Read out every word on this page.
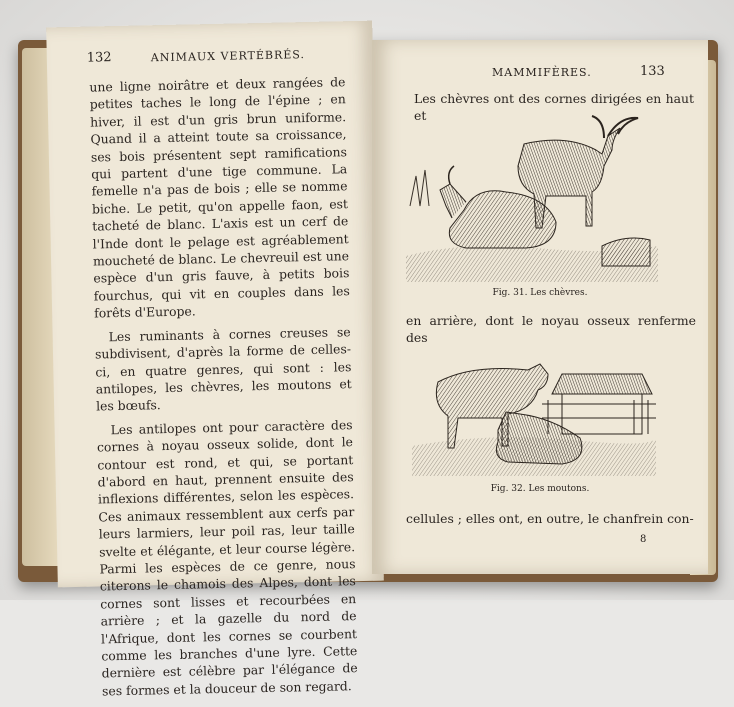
132	ANIMAUX VERTÉBRÉS.

une ligne noirâtre et deux rangées de petites taches le long de l'épine ; en hiver, il est d'un gris brun uniforme. Quand il a atteint toute sa croissance, ses bois présentent sept ramifications qui partent d'une tige commune. La femelle n'a pas de bois ; elle se nomme biche. Le petit, qu'on appelle faon, est tacheté de blanc. L'axis est un cerf de l'Inde dont le pelage est agréablement moucheté de blanc. Le chevreuil est une espèce d'un gris fauve, à petits bois fourchus, qui vit en couples dans les forêts d'Europe.

Les ruminants à cornes creuses se subdivisent, d'après la forme de celles-ci, en quatre genres, qui sont : les antilopes, les chèvres, les moutons et les bœufs.

Les antilopes ont pour caractère des cornes à noyau osseux solide, dont le contour est rond, et qui, se portant d'abord en haut, prennent ensuite des inflexions différentes, selon les espèces. Ces animaux ressemblent aux cerfs par leurs larmiers, leur poil ras, leur taille svelte et élégante, et leur course légère. Parmi les espèces de ce genre, nous citerons le chamois des Alpes, dont les cornes sont lisses et recourbées en arrière ; et la gazelle du nord de l'Afrique, dont les cornes se courbent comme les branches d'une lyre. Cette dernière est célèbre par l'élégance de ses formes et la douceur de son regard.

MAMMIFÈRES.	133
Les chèvres ont des cornes dirigées en haut et
Fig. 31. Les chèvres.
en arrière, dont le noyau osseux renferme des
Fig. 32. Les moutons.
cellules ; elles ont, en outre, le chanfrein con-
8
